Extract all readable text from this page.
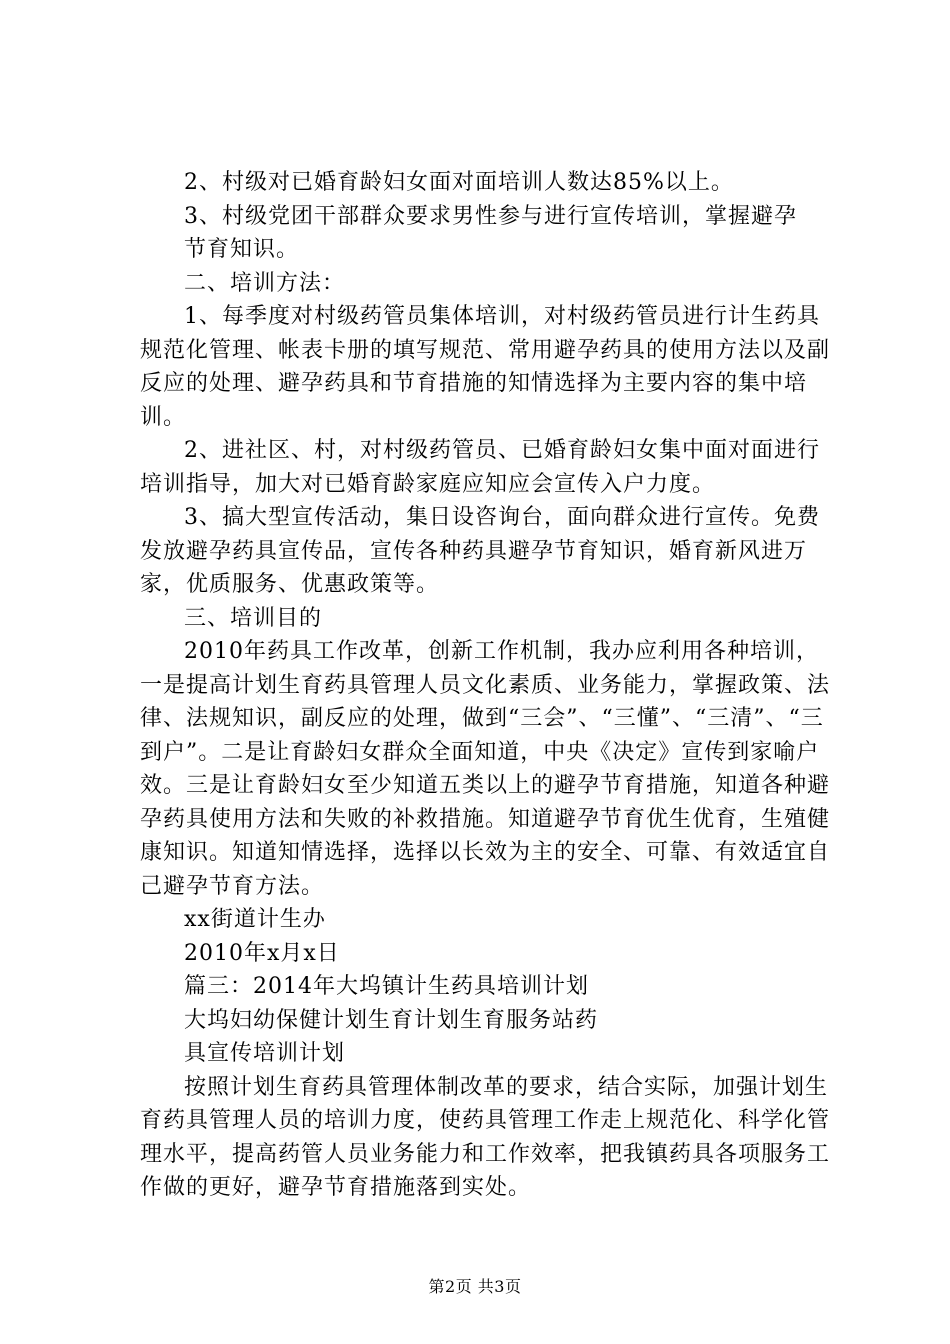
2、村级对已婚育龄妇女面对面培训人数达85%以上。

3、村级党团干部群众要求男性参与进行宣传培训，掌握避孕

节育知识。

二、培训方法：

1、每季度对村级药管员集体培训，对村级药管员进行计生药具规范化管理、帐表卡册的填写规范、常用避孕药具的使用方法以及副反应的处理、避孕药具和节育措施的知情选择为主要内容的集中培训。

2、进社区、村，对村级药管员、已婚育龄妇女集中面对面进行培训指导，加大对已婚育龄家庭应知应会宣传入户力度。

3、搞大型宣传活动，集日设咨询台，面向群众进行宣传。免费发放避孕药具宣传品，宣传各种药具避孕节育知识，婚育新风进万家，优质服务、优惠政策等。

三、培训目的

2010年药具工作改革，创新工作机制，我办应利用各种培训，一是提高计划生育药具管理人员文化素质、业务能力，掌握政策、法律、法规知识，副反应的处理，做到“三会”、“三懂”、“三清”、“三到户”。二是让育龄妇女群众全面知道，中央《决定》宣传到家喻户效。三是让育龄妇女至少知道五类以上的避孕节育措施，知道各种避孕药具使用方法和失败的补救措施。知道避孕节育优生优育，生殖健康知识。知道知情选择，选择以长效为主的安全、可靠、有效适宜自己避孕节育方法。

xx街道计生办

2010年x月x日

篇三：2014年大坞镇计生药具培训计划

大坞妇幼保健计划生育计划生育服务站药

具宣传培训计划

按照计划生育药具管理体制改革的要求，结合实际，加强计划生育药具管理人员的培训力度，使药具管理工作走上规范化、科学化管理水平，提高药管人员业务能力和工作效率，把我镇药具各项服务工作做的更好，避孕节育措施落到实处。

第2页 共3页
